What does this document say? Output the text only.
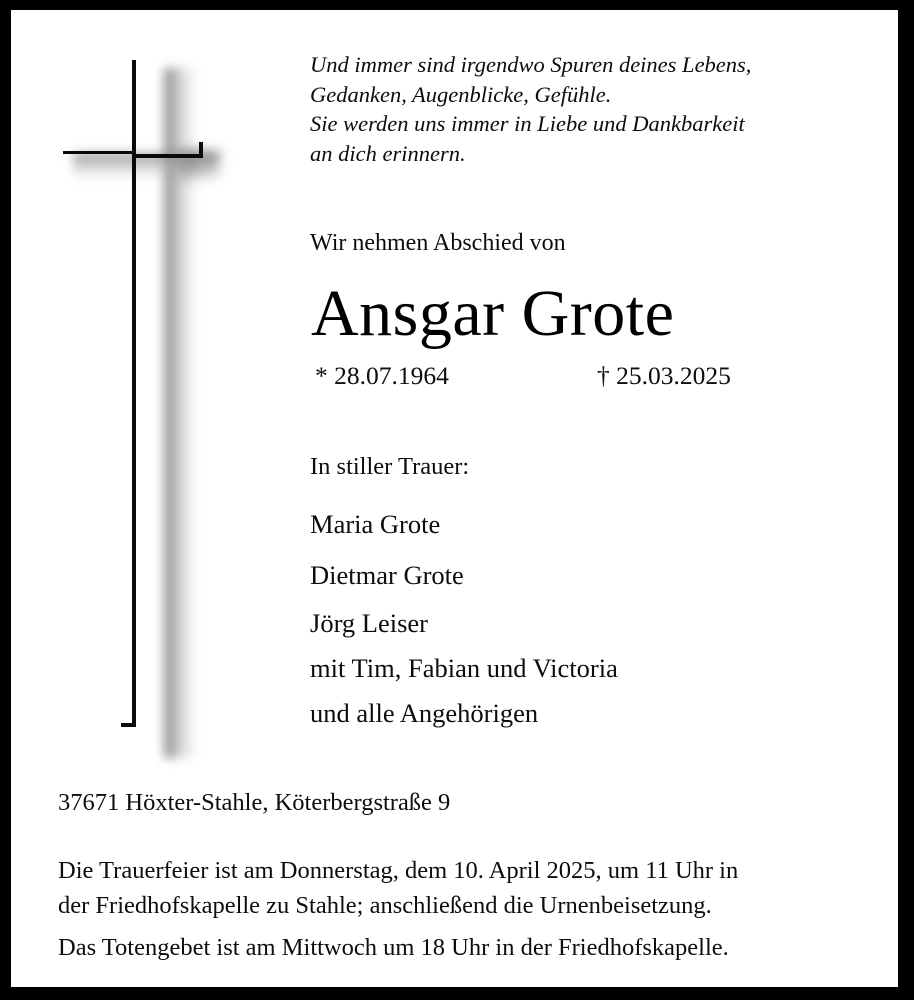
Und immer sind irgendwo Spuren deines Lebens,
Gedanken, Augenblicke, Gefühle.
Sie werden uns immer in Liebe und Dankbarkeit
an dich erinnern.
Wir nehmen Abschied von
Ansgar Grote
* 28.07.1964	† 25.03.2025
In stiller Trauer:
Maria Grote
Dietmar Grote
Jörg Leiser
mit Tim, Fabian und Victoria
und alle Angehörigen
37671 Höxter-Stahle, Köterbergstraße 9
Die Trauerfeier ist am Donnerstag, dem 10. April 2025, um 11 Uhr in
der Friedhofskapelle zu Stahle; anschließend die Urnenbeisetzung.
Das Totengebet ist am Mittwoch um 18 Uhr in der Friedhofskapelle.
